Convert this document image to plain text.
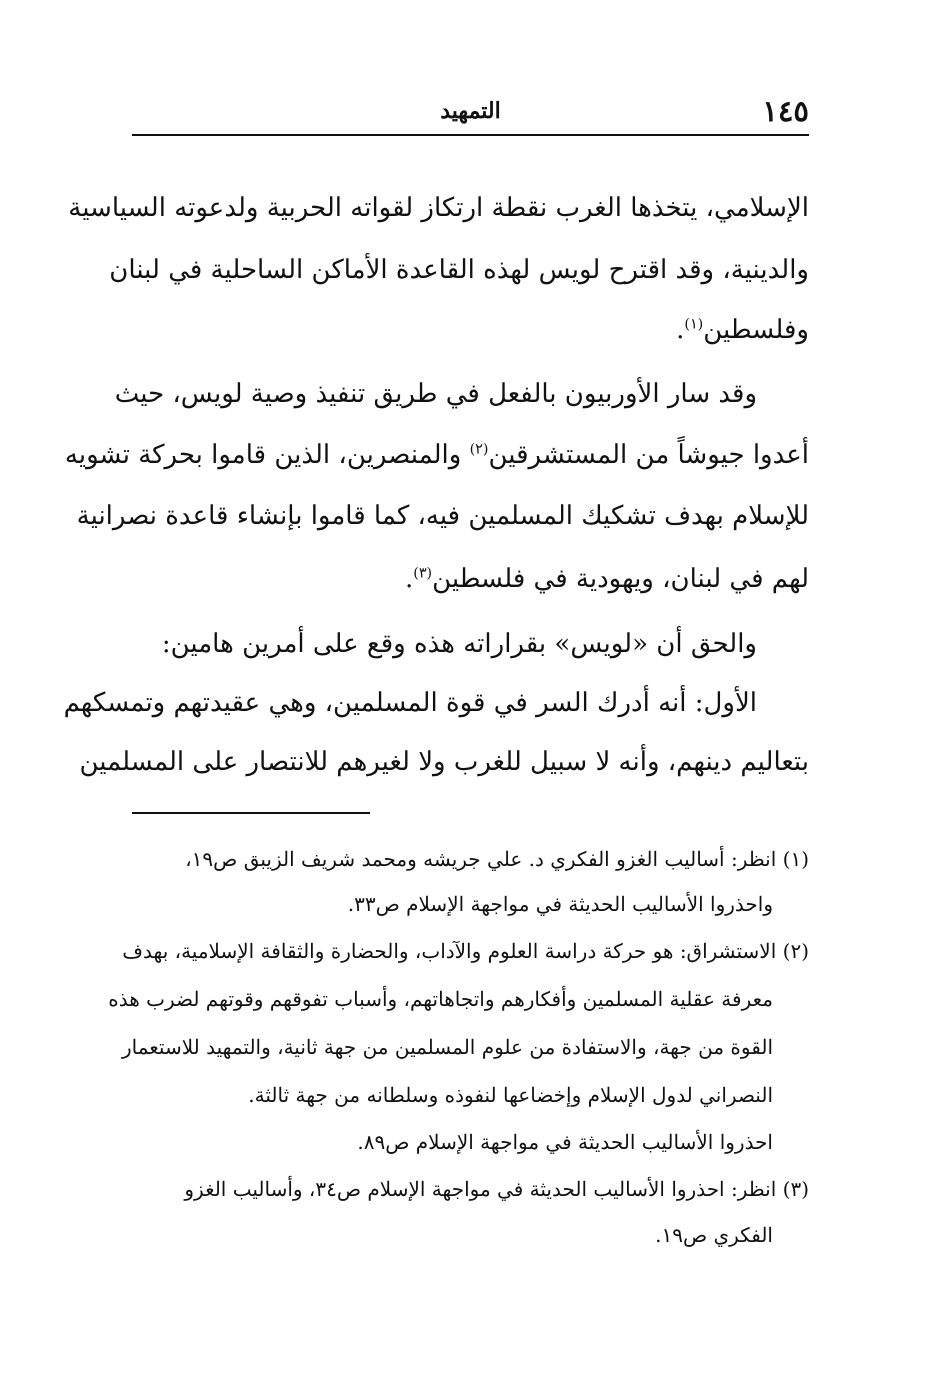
١٤٥
التمهيد
الإسلامي، يتخذها الغرب نقطة ارتكاز لقواته الحربية ولدعوته السياسية
والدينية، وقد اقترح لويس لهذه القاعدة الأماكن الساحلية في لبنان
وفلسطين$^{(١)}$.
وقد سار الأوربيون بالفعل في طريق تنفيذ وصية لويس، حيث
أعدوا جيوشاً من المستشرقين$^{(٢)}$ والمنصرين، الذين قاموا بحركة تشويه
للإسلام بهدف تشكيك المسلمين فيه، كما قاموا بإنشاء قاعدة نصرانية
لهم في لبنان، ويهودية في فلسطين$^{(٣)}$.
والحق أن «لويس» بقراراته هذه وقع على أمرين هامين:
الأول: أنه أدرك السر في قوة المسلمين، وهي عقيدتهم وتمسكهم
بتعاليم دينهم، وأنه لا سبيل للغرب ولا لغيرهم للانتصار على المسلمين
(١) انظر: أساليب الغزو الفكري د. علي جريشه ومحمد شريف الزيبق ص١٩،
واحذروا الأساليب الحديثة في مواجهة الإسلام ص٣٣.
(٢) الاستشراق: هو حركة دراسة العلوم والآداب، والحضارة والثقافة الإسلامية، بهدف
معرفة عقلية المسلمين وأفكارهم واتجاهاتهم، وأسباب تفوقهم وقوتهم لضرب هذه
القوة من جهة، والاستفادة من علوم المسلمين من جهة ثانية، والتمهيد للاستعمار
النصراني لدول الإسلام وإخضاعها لنفوذه وسلطانه من جهة ثالثة.
احذروا الأساليب الحديثة في مواجهة الإسلام ص٨٩.
(٣) انظر: احذروا الأساليب الحديثة في مواجهة الإسلام ص٣٤، وأساليب الغزو
الفكري ص١٩.
